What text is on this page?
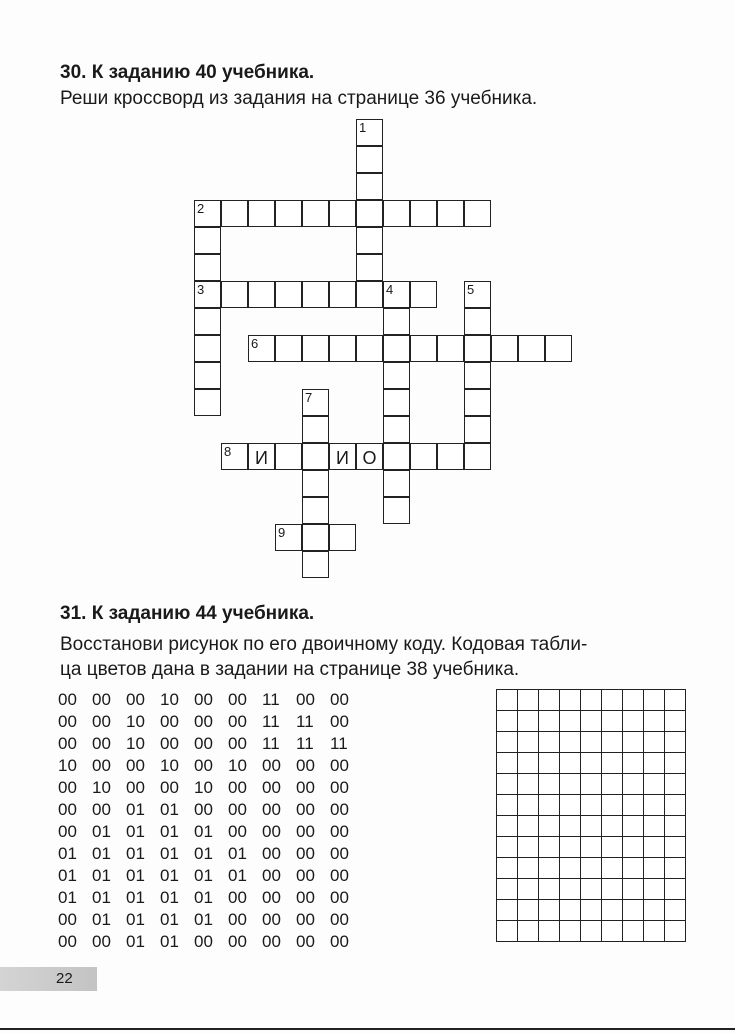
30. К заданию 40 учебника.

Реши кроссворд из задания на странице 36 учебника.

1
2
3	4	5
6
7
8	И	И О
9
31. К заданию 44 учебника.

Восстанови рисунок по его двоичному коду. Кодовая табли-

ца цветов дана в задании на странице 38 учебника.

00	00	00	10	00	00	11	00	00
00	00	10	00	00	00	11	11	00
00	00	10	00	00	00	11	11	11
10	00	00	10	00	10	00	00	00
00	10	00	00	10	00	00	00	00
00	00	01	01	00	00	00	00	00
00	01	01	01	01	00	00	00	00
01	01	01	01	01	01	00	00	00
01	01	01	01	01	01	00	00	00
01	01	01	01	01	00	00	00	00
00	01	01	01	01	00	00	00	00
00	00	01	01	00	00	00	00	00

22
